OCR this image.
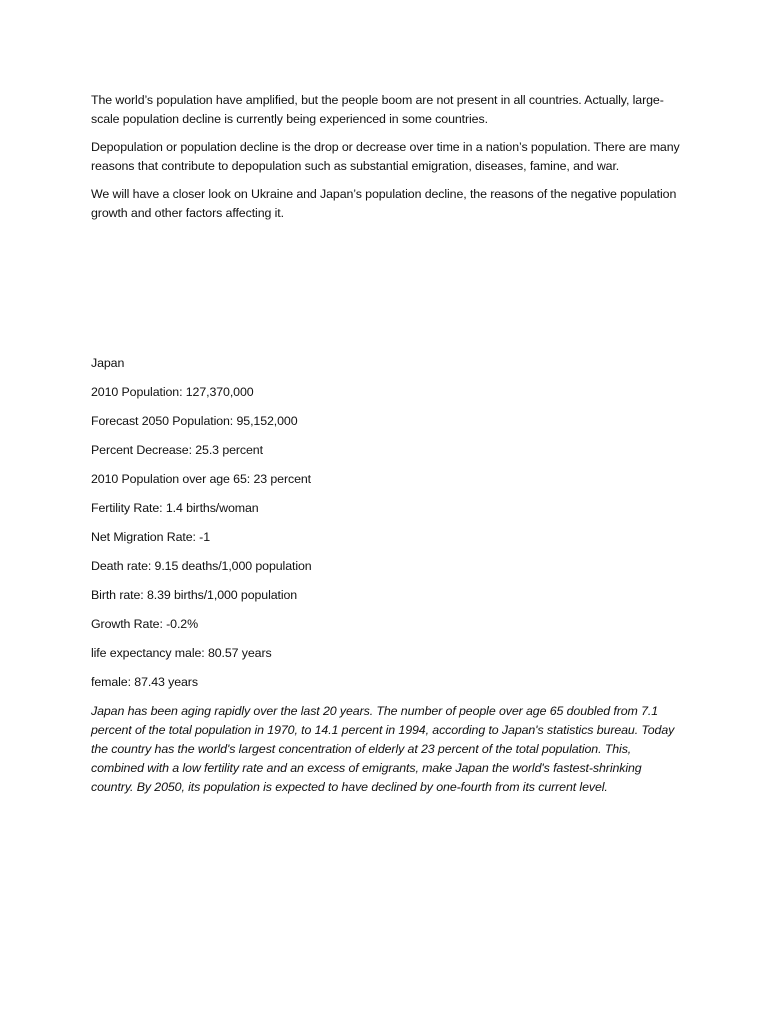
The world’s population have amplified, but the people boom are not present in all countries. Actually, large-scale population decline is currently being experienced in some countries.

Depopulation or population decline is the drop or decrease over time in a nation’s population. There are many reasons that contribute to depopulation such as substantial emigration, diseases, famine, and war.

We will have a closer look on Ukraine and Japan’s population decline, the reasons of the negative population growth and other factors affecting it.

Japan

2010 Population: 127,370,000

Forecast 2050 Population: 95,152,000

Percent Decrease: 25.3 percent

2010 Population over age 65: 23 percent

Fertility Rate: 1.4 births/woman

Net Migration Rate: -1

Death rate: 9.15 deaths/1,000 population

Birth rate: 8.39 births/1,000 population

Growth Rate: -0.2%

life expectancy male: 80.57 years

female: 87.43 years

Japan has been aging rapidly over the last 20 years. The number of people over age 65 doubled from 7.1 percent of the total population in 1970, to 14.1 percent in 1994, according to Japan's statistics bureau. Today the country has the world's largest concentration of elderly at 23 percent of the total population. This, combined with a low fertility rate and an excess of emigrants, make Japan the world's fastest-shrinking country. By 2050, its population is expected to have declined by one-fourth from its current level.
